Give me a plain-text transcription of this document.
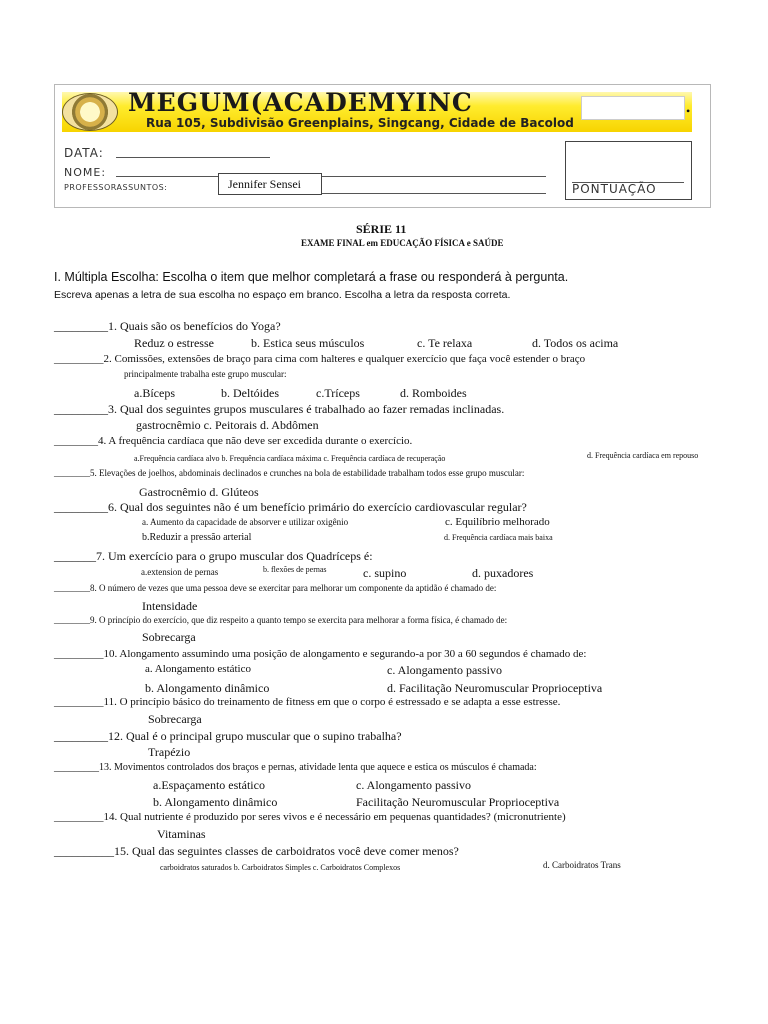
MEGUM(ACADEMYINC	•
Rua 105, Subdivisão Greenplains, Singcang, Cidade de Bacolod
DATA:
NOME:
PROFESSORASSUNTOS:	Jennifer Sensei	PONTUAÇÃO
SÉRIE 11
EXAME FINAL em EDUCAÇÃO FÍSICA e SAÚDE
I. Múltipla Escolha: Escolha o item que melhor completará a frase ou responderá à pergunta.
Escreva apenas a letra de sua escolha no espaço em branco. Escolha a letra da resposta correta.
_________1. Quais são os benefícios do Yoga?
Reduz o estresse	b. Estica seus músculos	c. Te relaxa	d. Todos os acima
_________2. Comissões, extensões de braço para cima com halteres e qualquer exercício que faça você estender o braço
principalmente trabalha este grupo muscular:
a.Bíceps	b. Deltóides	c.Tríceps	d. Romboides
_________3. Qual dos seguintes grupos musculares é trabalhado ao fazer remadas inclinadas.
gastrocnêmio c. Peitorais d. Abdômen
________4. A frequência cardíaca que não deve ser excedida durante o exercício.
a.Frequência cardíaca alvo b. Frequência cardíaca máxima c. Frequência cardíaca de recuperação	d. Frequência cardíaca em repouso
________5. Elevações de joelhos, abdominais declinados e crunches na bola de estabilidade trabalham todos esse grupo muscular:
Gastrocnêmio d. Glúteos
_________6. Qual dos seguintes não é um benefício primário do exercício cardiovascular regular?
a. Aumento da capacidade de absorver e utilizar oxigênio	c. Equilíbrio melhorado
b.Reduzir a pressão arterial	d. Frequência cardíaca mais baixa
_______7. Um exercício para o grupo muscular dos Quadríceps é:
a.extension de pernas	b. flexões de pernas	c. supino	d. puxadores
________8. O número de vezes que uma pessoa deve se exercitar para melhorar um componente da aptidão é chamado de:
Intensidade
________9. O princípio do exercício, que diz respeito a quanto tempo se exercita para melhorar a forma física, é chamado de:
Sobrecarga
_________10. Alongamento assumindo uma posição de alongamento e segurando-a por 30 a 60 segundos é chamado de:
a. Alongamento estático	c. Alongamento passivo
b. Alongamento dinâmico	d. Facilitação Neuromuscular Proprioceptiva
_________11. O princípio básico do treinamento de fitness em que o corpo é estressado e se adapta a esse estresse.
Sobrecarga
_________12. Qual é o principal grupo muscular que o supino trabalha?
Trapézio
_________13. Movimentos controlados dos braços e pernas, atividade lenta que aquece e estica os músculos é chamada:
a.Espaçamento estático	c. Alongamento passivo
b. Alongamento dinâmico	Facilitação Neuromuscular Proprioceptiva
_________14. Qual nutriente é produzido por seres vivos e é necessário em pequenas quantidades? (micronutriente)
Vitaminas
__________15. Qual das seguintes classes de carboidratos você deve comer menos?
carboidratos saturados b. Carboidratos Simples c. Carboidratos Complexos	d. Carboidratos Trans
